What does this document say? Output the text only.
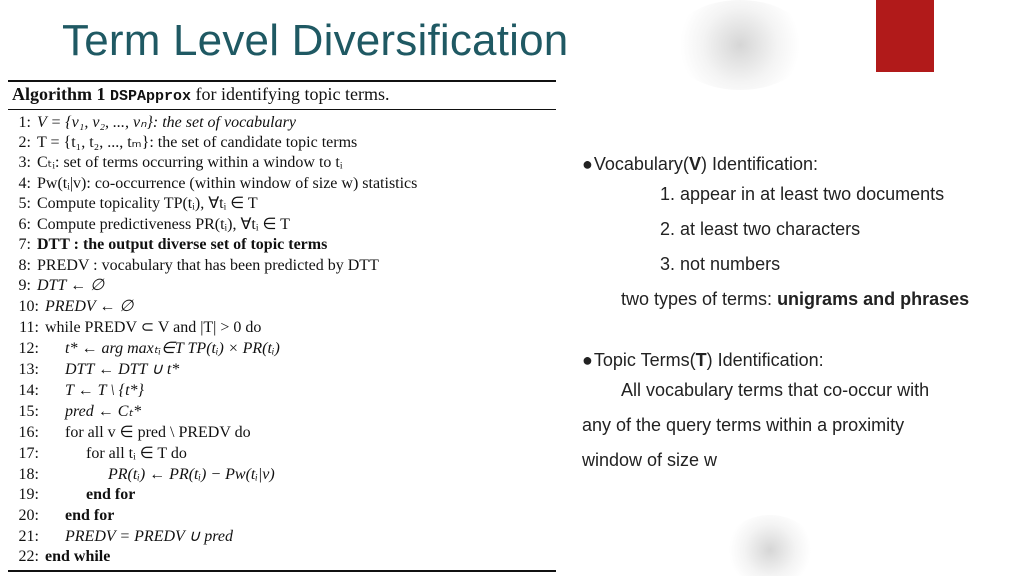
Term Level Diversification
Algorithm 1 DSPApprox for identifying topic terms.
1: V = {v₁, v₂, ..., vₙ}: the set of vocabulary
2: T = {t₁, t₂, ..., tₘ}: the set of candidate topic terms
3: Cₜᵢ: set of terms occurring within a window to tᵢ
4: Pw(tᵢ|v): co-occurrence (within window of size w) statistics
5: Compute topicality TP(tᵢ), ∀tᵢ ∈ T
6: Compute predictiveness PR(tᵢ), ∀tᵢ ∈ T
7: DTT : the output diverse set of topic terms
8: PREDV : vocabulary that has been predicted by DTT
9: DTT ← ∅
10: PREDV ← ∅
11: while PREDV ⊂ V and |T| > 0 do
12: t* ← arg maxₜᵢ∈T TP(tᵢ) × PR(tᵢ)
13: DTT ← DTT ∪ t*
14: T ← T \ {t*}
15: pred ← Cₜ*
16: for all v ∈ pred \ PREDV do
17:	for all tᵢ ∈ T do
18:	PR(tᵢ) ← PR(tᵢ) − Pw(tᵢ|v)
19:	end for
20: end for
21: PREDV = PREDV ∪ pred
22: end while
●Vocabulary(V) Identification:
1. appear in at least two documents
2. at least two characters
3. not numbers
two types of terms: unigrams and phrases
●Topic Terms(T) Identification:
All vocabulary terms that co-occur with
any of the query terms within a proximity
window of size w
